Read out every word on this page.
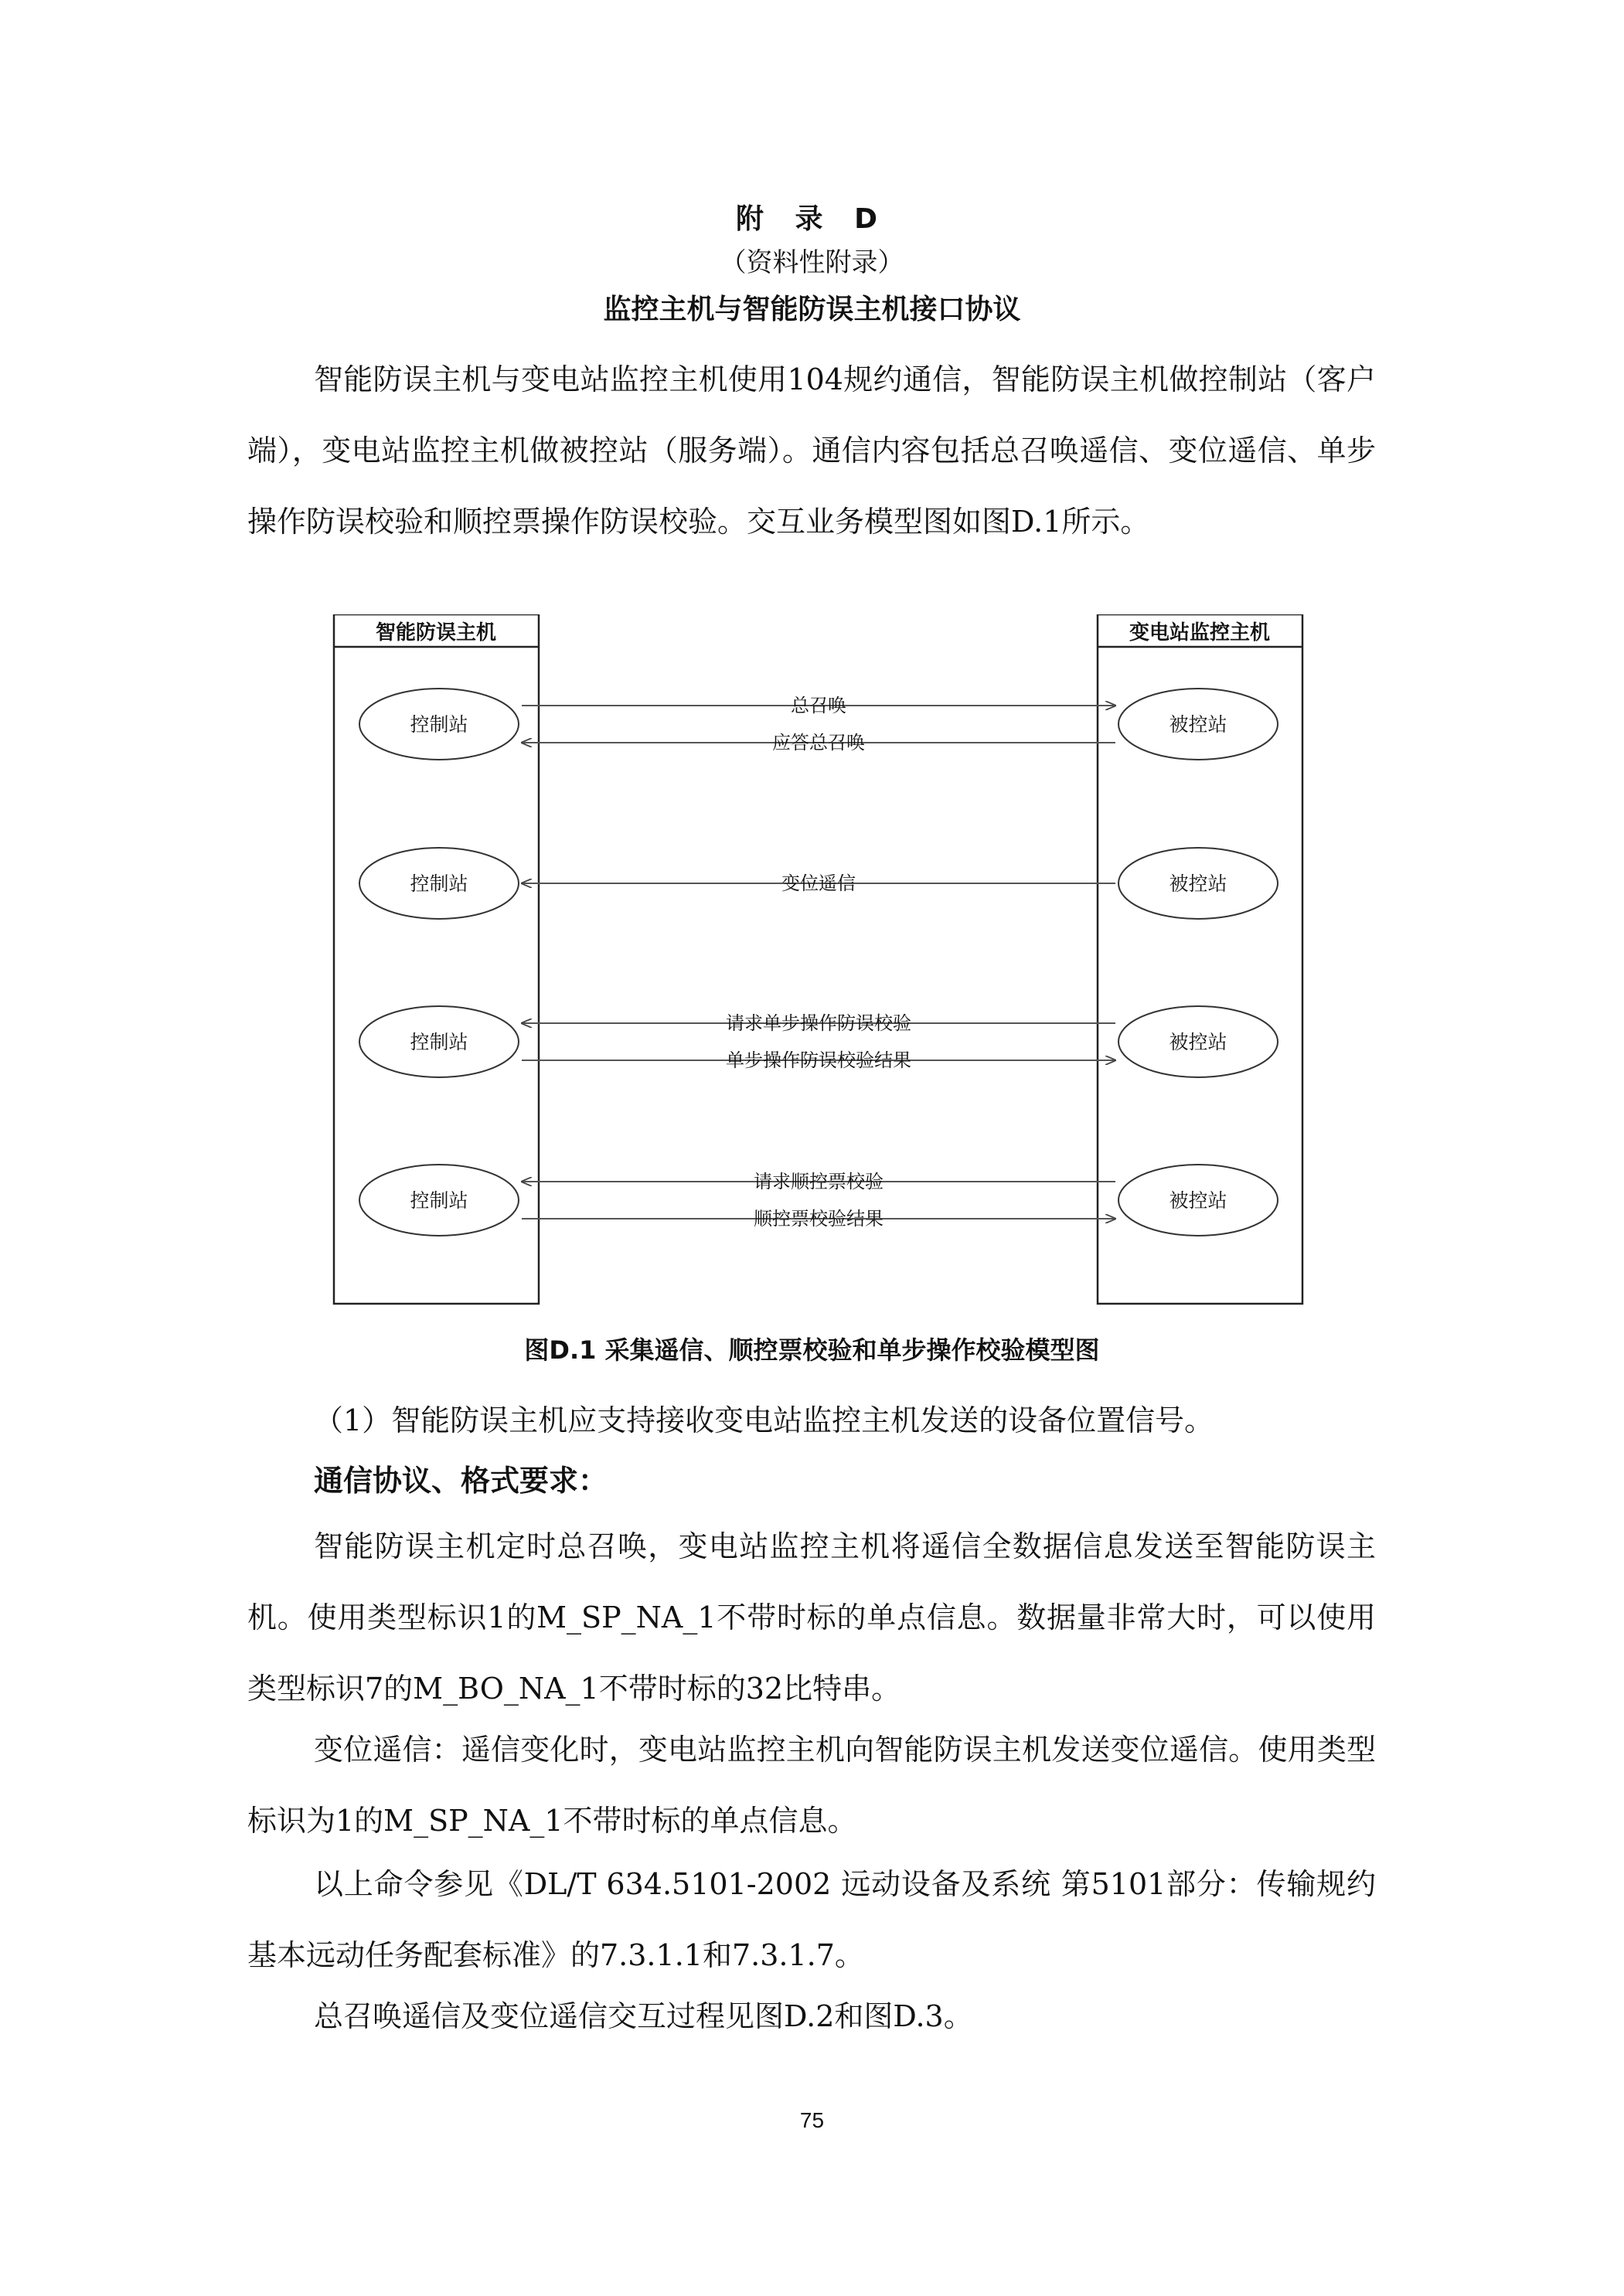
附 录 D
（资料性附录）
监控主机与智能防误主机接口协议

智能防误主机与变电站监控主机使用104规约通信，智能防误主机做控制站（客户端），变电站监控主机做被控站（服务端）。通信内容包括总召唤遥信、变位遥信、单步操作防误校验和顺控票操作防误校验。交互业务模型图如图D.1所示。

智能防误主机	变电站监控主机
控制站	被控站
总召唤
应答总召唤
控制站	被控站
变位遥信
控制站	被控站
请求单步操作防误校验
单步操作防误校验结果
控制站	被控站
请求顺控票校验
顺控票校验结果
图D.1 采集遥信、顺控票校验和单步操作校验模型图

（1）智能防误主机应支持接收变电站监控主机发送的设备位置信号。

通信协议、格式要求：

智能防误主机定时总召唤，变电站监控主机将遥信全数据信息发送至智能防误主机。使用类型标识1的M_SP_NA_1不带时标的单点信息。数据量非常大时，可以使用类型标识7的M_BO_NA_1不带时标的32比特串。

变位遥信：遥信变化时，变电站监控主机向智能防误主机发送变位遥信。使用类型标识为1的M_SP_NA_1不带时标的单点信息。

以上命令参见《DL/T 634.5101-2002 远动设备及系统 第5101部分：传输规约 基本远动任务配套标准》的7.3.1.1和7.3.1.7。

总召唤遥信及变位遥信交互过程见图D.2和图D.3。

75
